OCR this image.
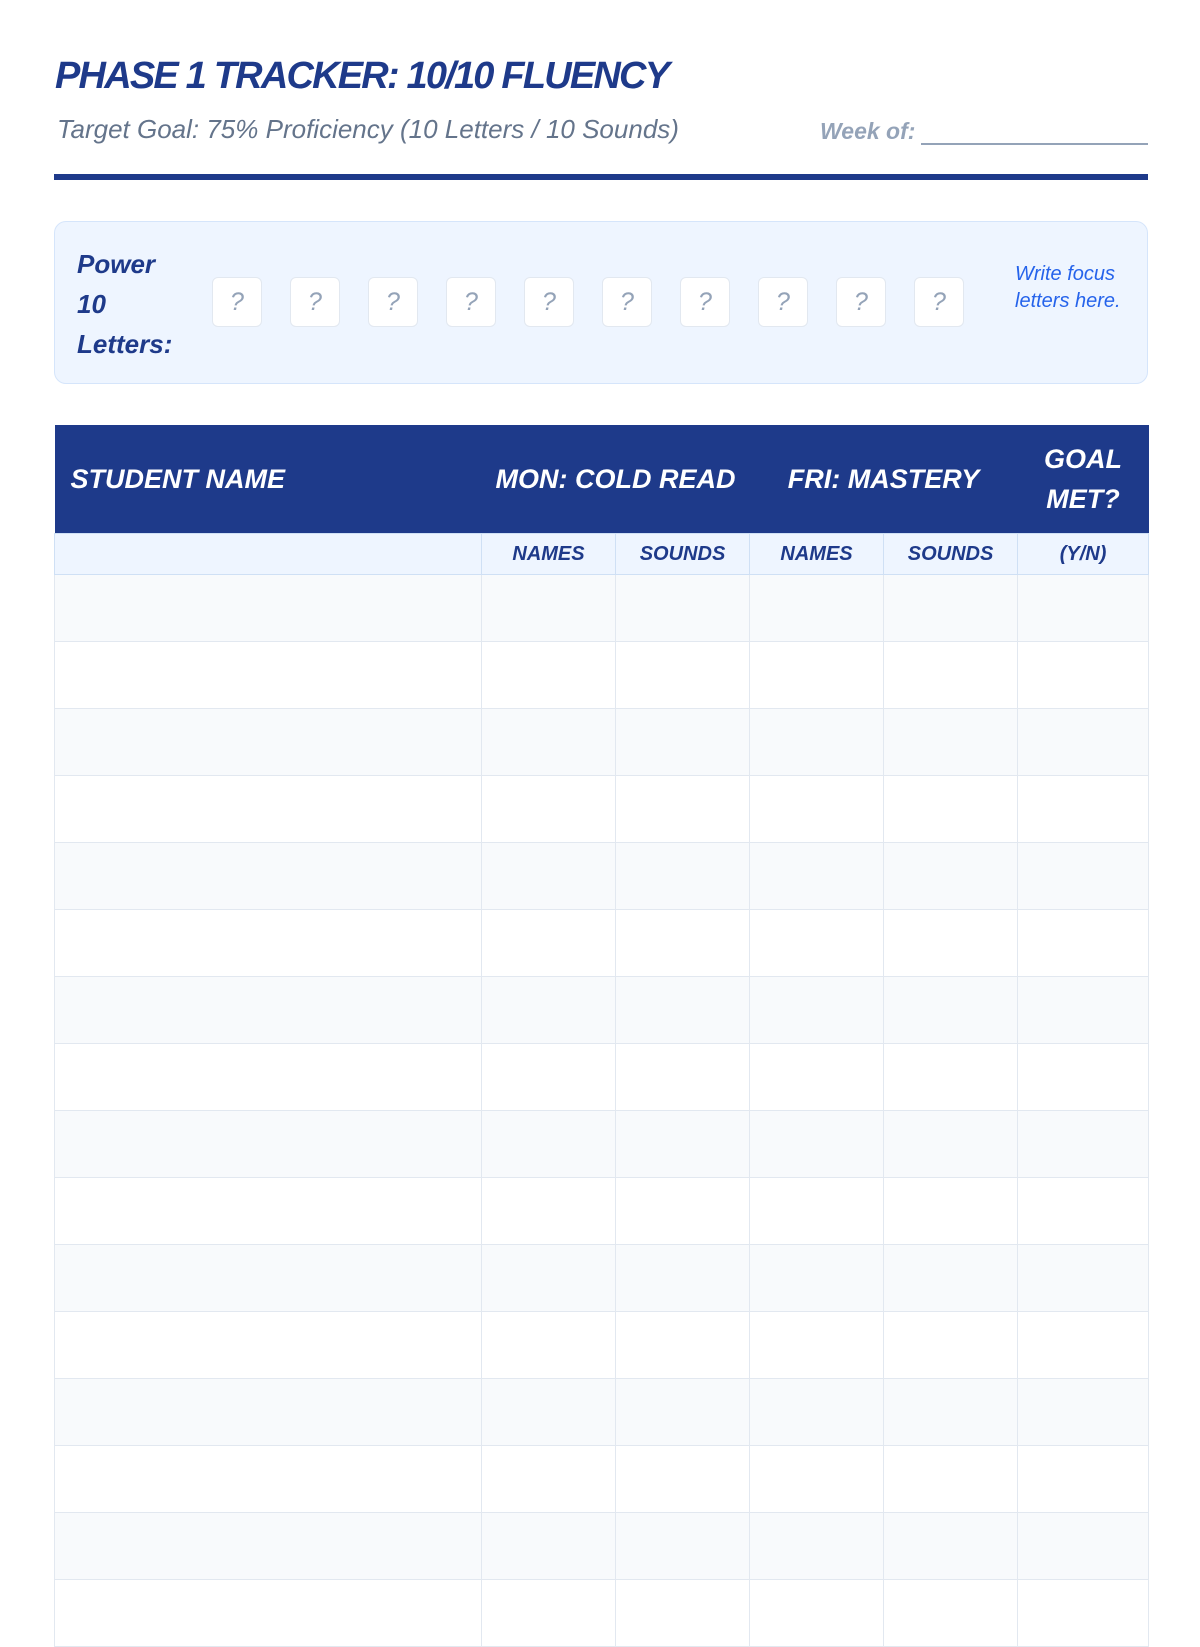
PHASE 1 TRACKER: 10/10 FLUENCY
Target Goal: 75% Proficiency (10 Letters / 10 Sounds)	Week of:
Power
10
Letters:
?	?	?	?	?	?	?	?	?	?
Write focus letters here.
STUDENT NAME	MON: COLD READ		FRI: MASTERY		GOAL
MET?

	NAMES	SOUNDS	NAMES	SOUNDS	(Y/N)
